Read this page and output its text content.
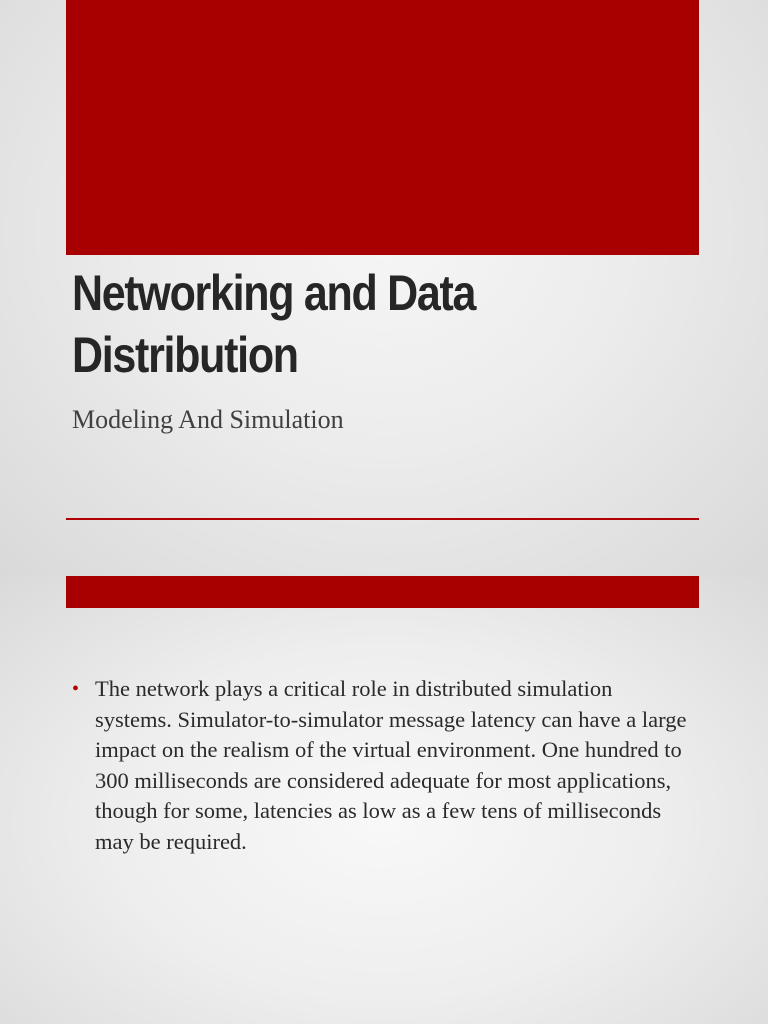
Networking and Data
Distribution

Modeling And Simulation

• The network plays a critical role in distributed simulation systems. Simulator-to-simulator message latency can have a large impact on the realism of the virtual environment. One hundred to 300 milliseconds are considered adequate for most applications, though for some, latencies as low as a few tens of milliseconds may be required.
